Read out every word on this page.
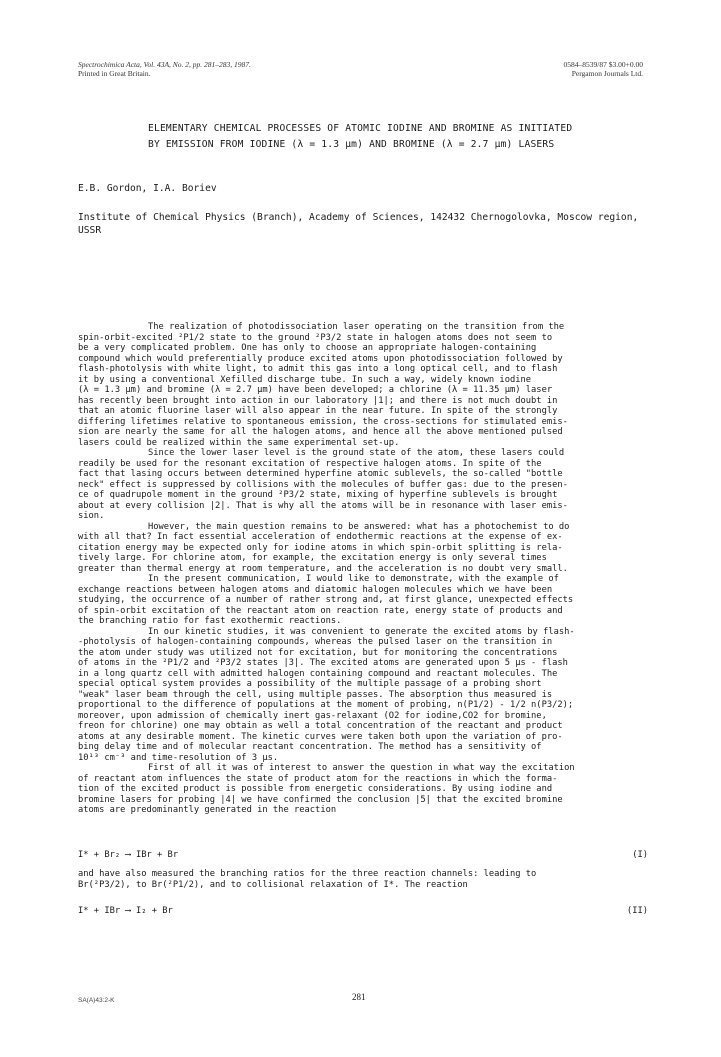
Spectrochimica Acta, Vol. 43A, No. 2, pp. 281–283, 1987.
Printed in Great Britain.
0584–8539/87 $3.00+0.00
Pergamon Journals Ltd.
ELEMENTARY CHEMICAL PROCESSES OF ATOMIC IODINE AND BROMINE AS INITIATED
BY EMISSION FROM IODINE (λ = 1.3 μm) AND BROMINE (λ = 2.7 μm) LASERS
E.B. Gordon, I.A. Boriev
Institute of Chemical Physics (Branch), Academy of Sciences, 142432 Chernogolovka, Moscow region, USSR

The realization of photodissociation laser operating on the transition from the
spin-orbit-excited ²P1/2 state to the ground ²P3/2 state in halogen atoms does not seem to
be a very complicated problem. One has only to choose an appropriate halogen-containing
compound which would preferentially produce excited atoms upon photodissociation followed by
flash-photolysis with white light, to admit this gas into a long optical cell, and to flash
it by using a conventional Xefilled discharge tube. In such a way, widely known iodine
(λ = 1.3 μm) and bromine (λ = 2.7 μm) have been developed; a chlorine (λ = 11.35 μm) laser
has recently been brought into action in our laboratory |1|; and there is not much doubt in
that an atomic fluorine laser will also appear in the near future. In spite of the strongly
differing lifetimes relative to spontaneous emission, the cross-sections for stimulated emis-
sion are nearly the same for all the halogen atoms, and hence all the above mentioned pulsed
lasers could be realized within the same experimental set-up.

Since the lower laser level is the ground state of the atom, these lasers could
readily be used for the resonant excitation of respective halogen atoms. In spite of the
fact that lasing occurs between determined hyperfine atomic sublevels, the so-called "bottle
neck" effect is suppressed by collisions with the molecules of buffer gas: due to the presen-
ce of quadrupole moment in the ground ²P3/2 state, mixing of hyperfine sublevels is brought
about at every collision |2|. That is why all the atoms will be in resonance with laser emis-
sion.

However, the main question remains to be answered: what has a photochemist to do
with all that? In fact essential acceleration of endothermic reactions at the expense of ex-
citation energy may be expected only for iodine atoms in which spin-orbit splitting is rela-
tively large. For chlorine atom, for example, the excitation energy is only several times
greater than thermal energy at room temperature, and the acceleration is no doubt very small.

In the present communication, I would like to demonstrate, with the example of
exchange reactions between halogen atoms and diatomic halogen molecules which we have been
studying, the occurrence of a number of rather strong and, at first glance, unexpected effects
of spin-orbit excitation of the reactant atom on reaction rate, energy state of products and
the branching ratio for fast exothermic reactions.

In our kinetic studies, it was convenient to generate the excited atoms by flash-
-photolysis of halogen-containing compounds, whereas the pulsed laser on the transition in
the atom under study was utilized not for excitation, but for monitoring the concentrations
of atoms in the ²P1/2 and ²P3/2 states |3|. The excited atoms are generated upon 5 μs - flash
in a long quartz cell with admitted halogen containing compound and reactant molecules. The
special optical system provides a possibility of the multiple passage of a probing short
"weak" laser beam through the cell, using multiple passes. The absorption thus measured is
proportional to the difference of populations at the moment of probing, n(P1/2) - 1/2 n(P3/2);
moreover, upon admission of chemically inert gas-relaxant (O2 for iodine,CO2 for bromine,
freon for chlorine) one may obtain as well a total concentration of the reactant and product
atoms at any desirable moment. The kinetic curves were taken both upon the variation of pro-
bing delay time and of molecular reactant concentration. The method has a sensitivity of
10¹³ cm⁻³ and time-resolution of 3 μs.

First of all it was of interest to answer the question in what way the excitation
of reactant atom influences the state of product atom for the reactions in which the forma-
tion of the excited product is possible from energetic considerations. By using iodine and
bromine lasers for probing |4| we have confirmed the conclusion |5| that the excited bromine
atoms are predominantly generated in the reaction

I* + Br₂ ⟶ IBr + Br	(I)

and have also measured the branching ratios for the three reaction channels: leading to
Br(²P3/2), to Br(²P1/2), and to collisional relaxation of I*. The reaction

I* + IBr ⟶ I₂ + Br	(II)
SA(A)43:2-K	281
